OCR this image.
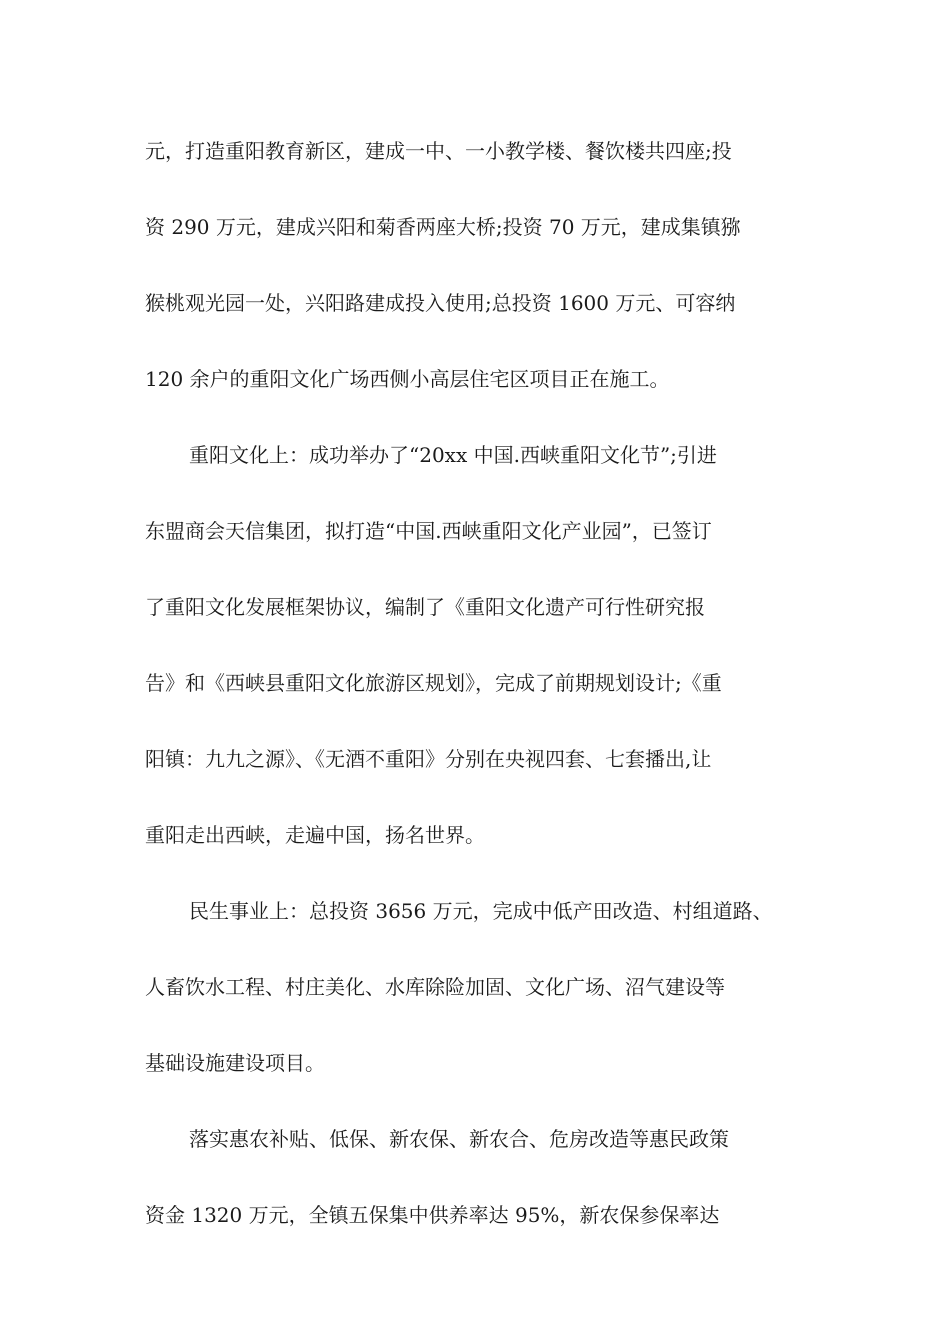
元，打造重阳教育新区，建成一中、一小教学楼、餐饮楼共四座;投
资 290 万元，建成兴阳和菊香两座大桥;投资 70 万元，建成集镇猕
猴桃观光园一处，兴阳路建成投入使用;总投资 1600 万元、可容纳
120 余户的重阳文化广场西侧小高层住宅区项目正在施工。
重阳文化上：成功举办了“20xx 中国.西峡重阳文化节”;引进
东盟商会天信集团，拟打造“中国.西峡重阳文化产业园”，已签订
了重阳文化发展框架协议，编制了《重阳文化遗产可行性研究报
告》和《西峡县重阳文化旅游区规划》，完成了前期规划设计;《重
阳镇：九九之源》、《无酒不重阳》分别在央视四套、七套播出,让
重阳走出西峡，走遍中国，扬名世界。
民生事业上：总投资 3656 万元，完成中低产田改造、村组道路、
人畜饮水工程、村庄美化、水库除险加固、文化广场、沼气建设等
基础设施建设项目。
落实惠农补贴、低保、新农保、新农合、危房改造等惠民政策
资金 1320 万元，全镇五保集中供养率达 95%，新农保参保率达
